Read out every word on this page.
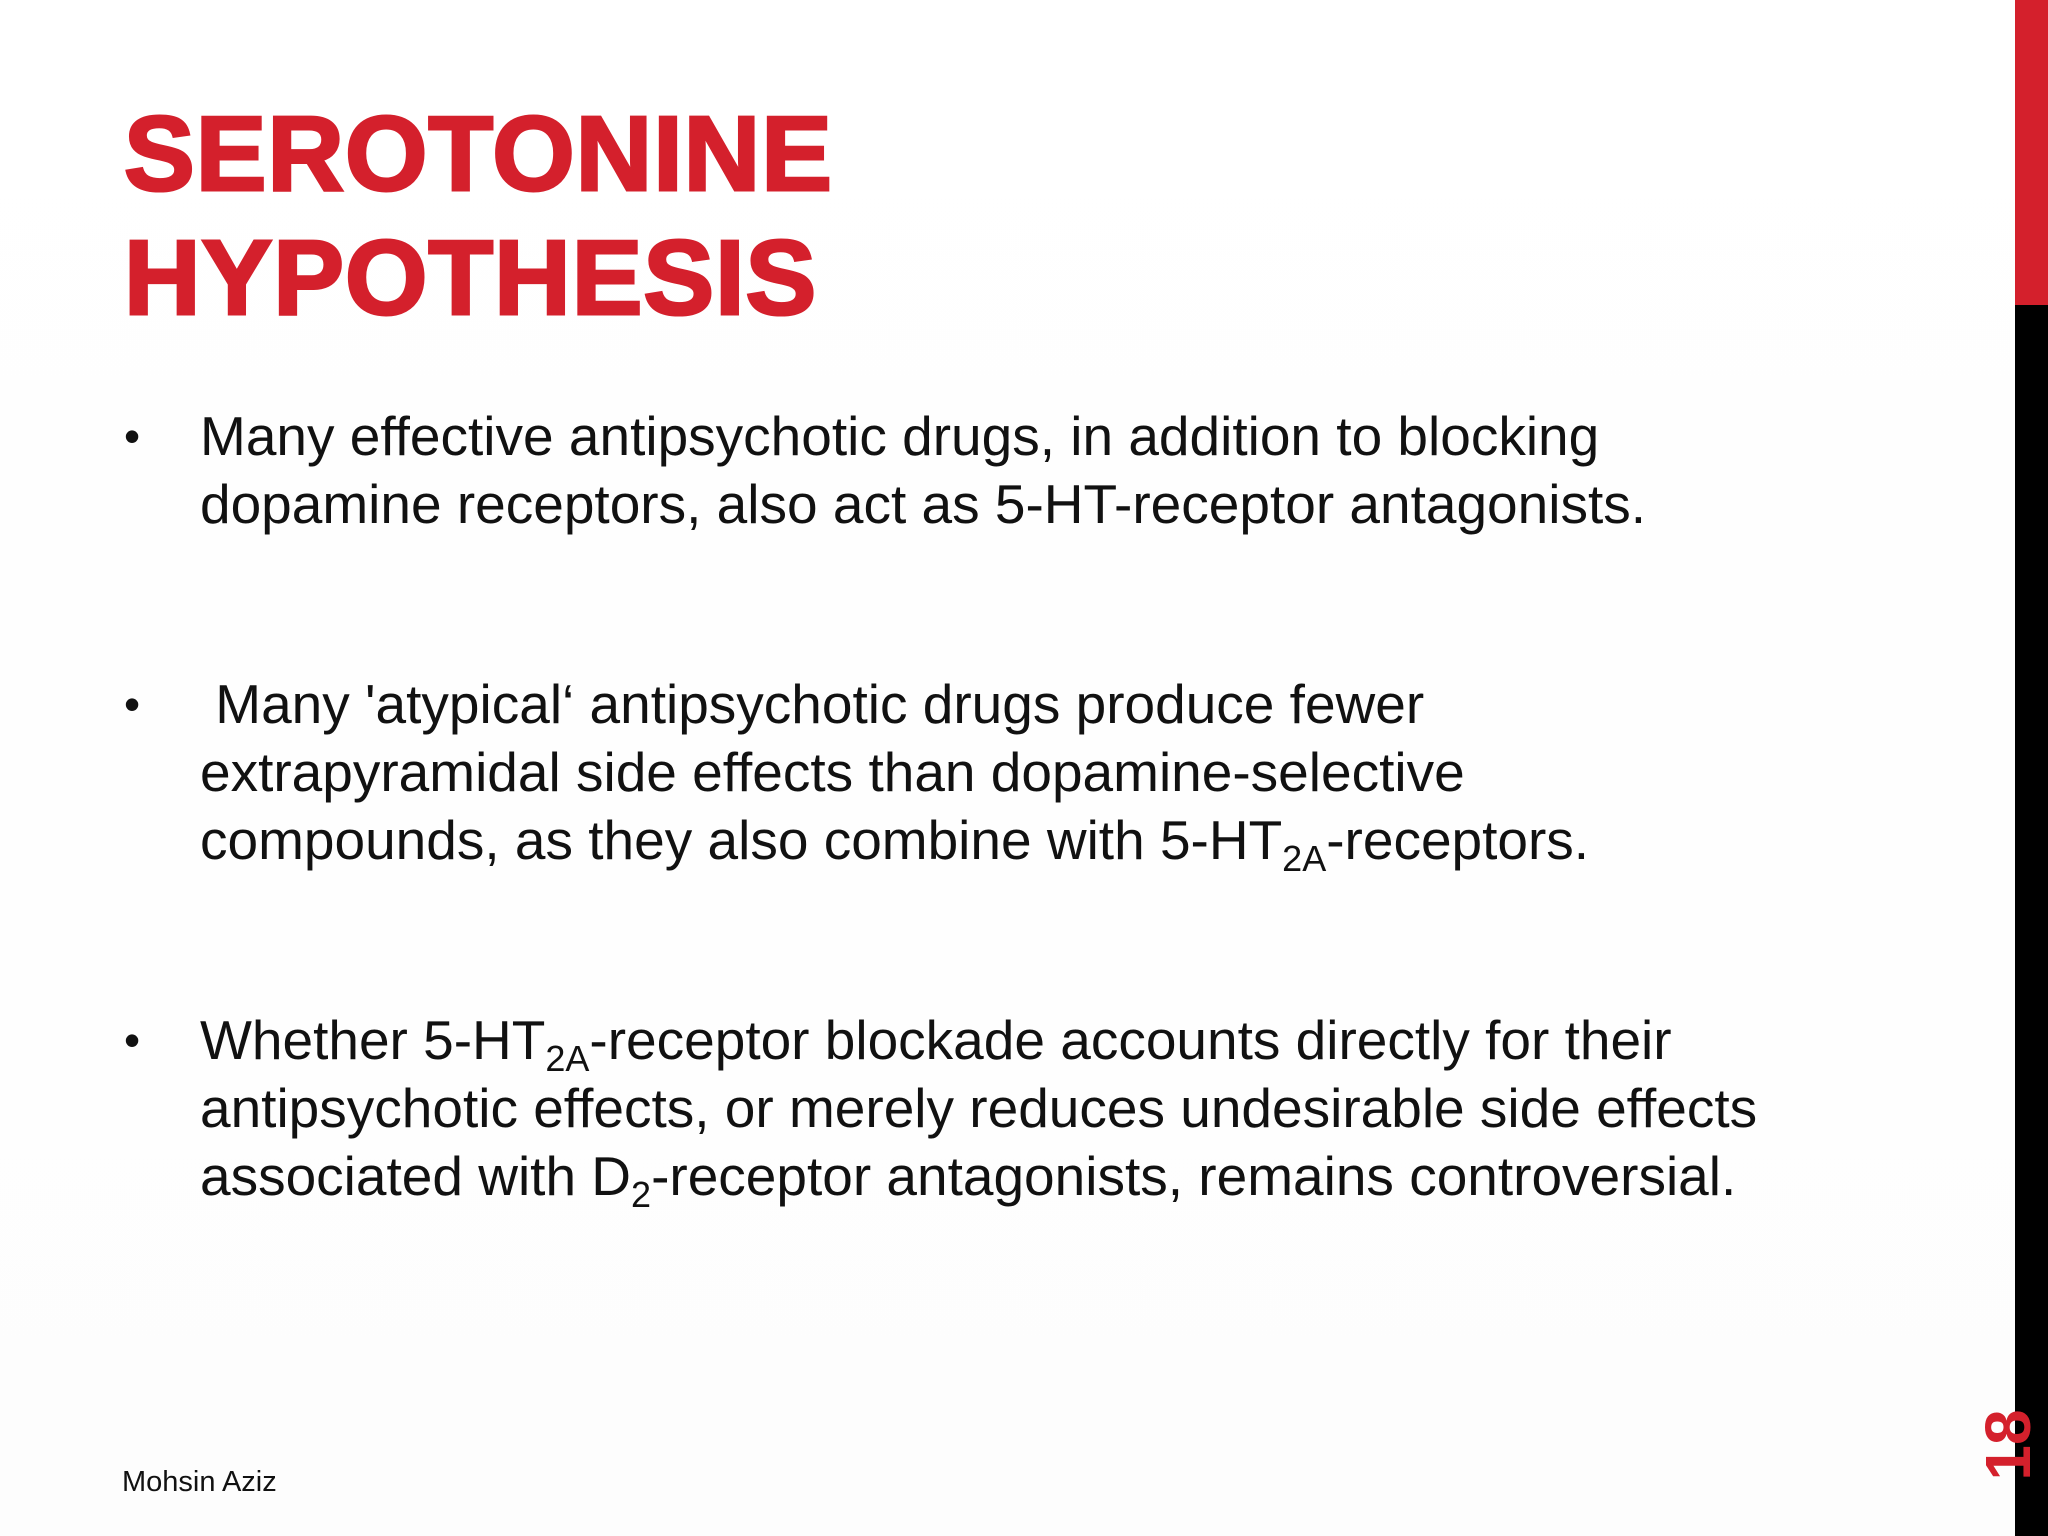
SEROTONINE
HYPOTHESIS
•	Many effective antipsychotic drugs, in addition to blocking dopamine receptors, also act as 5-HT-receptor antagonists.
•	Many 'atypical‘ antipsychotic drugs produce fewer extrapyramidal side effects than dopamine-selective compounds, as they also combine with $5-HT_{2A}$-receptors.
•	Whether $5-HT_{2A}$-receptor blockade accounts directly for their antipsychotic effects, or merely reduces undesirable side effects associated with $D_2$-receptor antagonists, remains controversial.
Mohsin Aziz
18
